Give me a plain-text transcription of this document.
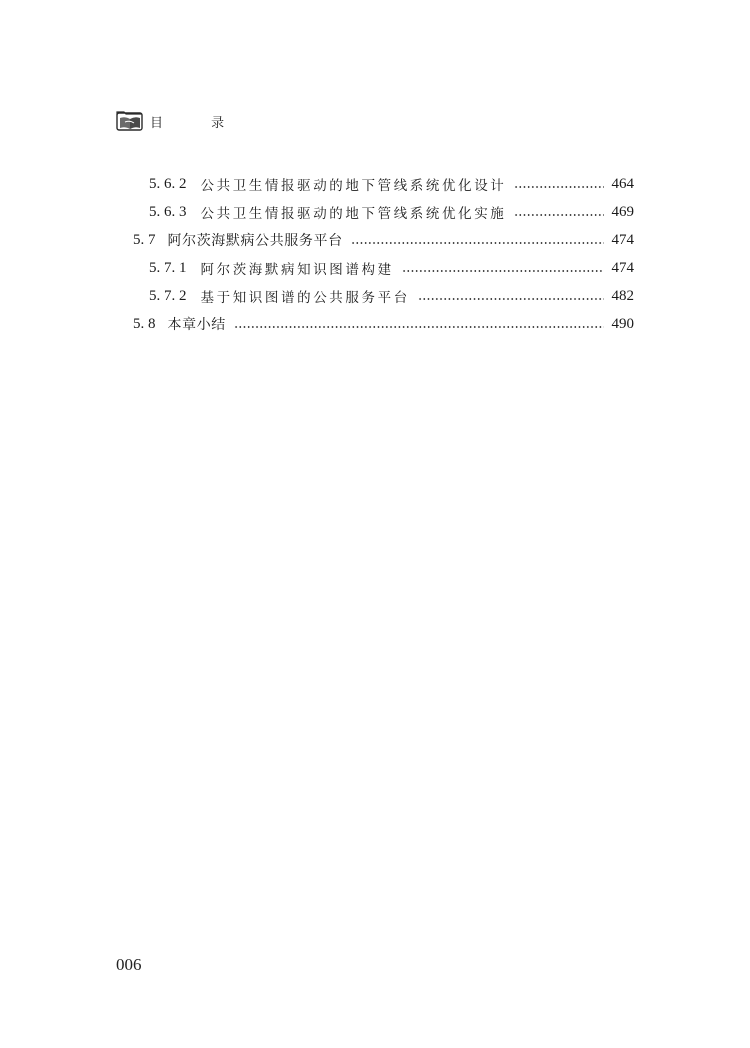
目 录
5. 6. 2 公共卫生情报驱动的地下管线系统优化设计	464
5. 6. 3 公共卫生情报驱动的地下管线系统优化实施	469
5. 7 阿尔茨海默病公共服务平台	474
5. 7. 1 阿尔茨海默病知识图谱构建	474
5. 7. 2 基于知识图谱的公共服务平台	482
5. 8 本章小结	490
006
